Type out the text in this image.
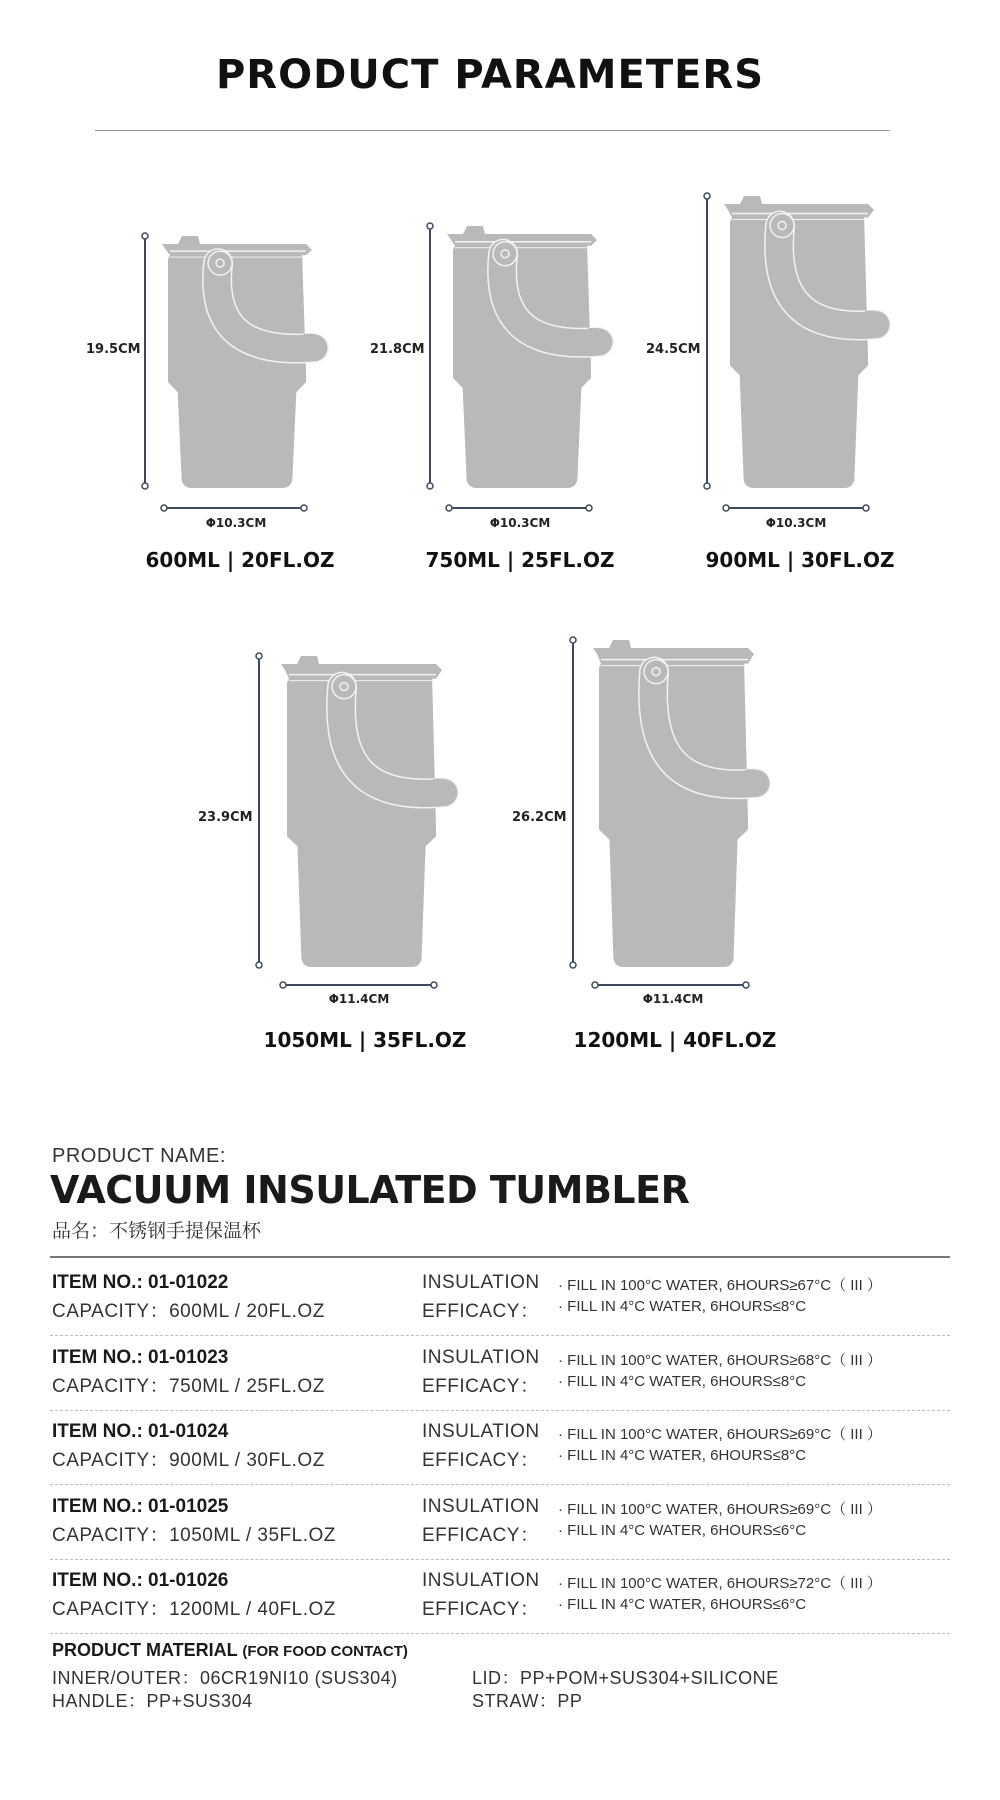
PRODUCT PARAMETERS
19.5CM
Φ10.3CM
600ML | 20FL.OZ
21.8CM
Φ10.3CM
750ML | 25FL.OZ
24.5CM
Φ10.3CM
900ML | 30FL.OZ
23.9CM
Φ11.4CM
1050ML | 35FL.OZ
26.2CM
Φ11.4CM
1200ML | 40FL.OZ
PRODUCT NAME:
VACUUM INSULATED TUMBLER
品名：不锈钢手提保温杯
ITEM NO.: 01-01022
CAPACITY：600ML / 20FL.OZ
INSULATION
EFFICACY：
· FILL IN 100°C WATER, 6HOURS≥67°C（ III ）
· FILL IN 4°C WATER, 6HOURS≤8°C
ITEM NO.: 01-01023
CAPACITY：750ML / 25FL.OZ
INSULATION
EFFICACY：
· FILL IN 100°C WATER, 6HOURS≥68°C（ III ）
· FILL IN 4°C WATER, 6HOURS≤8°C
ITEM NO.: 01-01024
CAPACITY：900ML / 30FL.OZ
INSULATION
EFFICACY：
· FILL IN 100°C WATER, 6HOURS≥69°C（ III ）
· FILL IN 4°C WATER, 6HOURS≤8°C
ITEM NO.: 01-01025
CAPACITY：1050ML / 35FL.OZ
INSULATION
EFFICACY：
· FILL IN 100°C WATER, 6HOURS≥69°C（ III ）
· FILL IN 4°C WATER, 6HOURS≤6°C
ITEM NO.: 01-01026
CAPACITY：1200ML / 40FL.OZ
INSULATION
EFFICACY：
· FILL IN 100°C WATER, 6HOURS≥72°C（ III ）
· FILL IN 4°C WATER, 6HOURS≤6°C
PRODUCT MATERIAL (FOR FOOD CONTACT)
INNER/OUTER：06CR19NI10 (SUS304)	LID：PP+POM+SUS304+SILICONE
HANDLE：PP+SUS304	STRAW：PP
